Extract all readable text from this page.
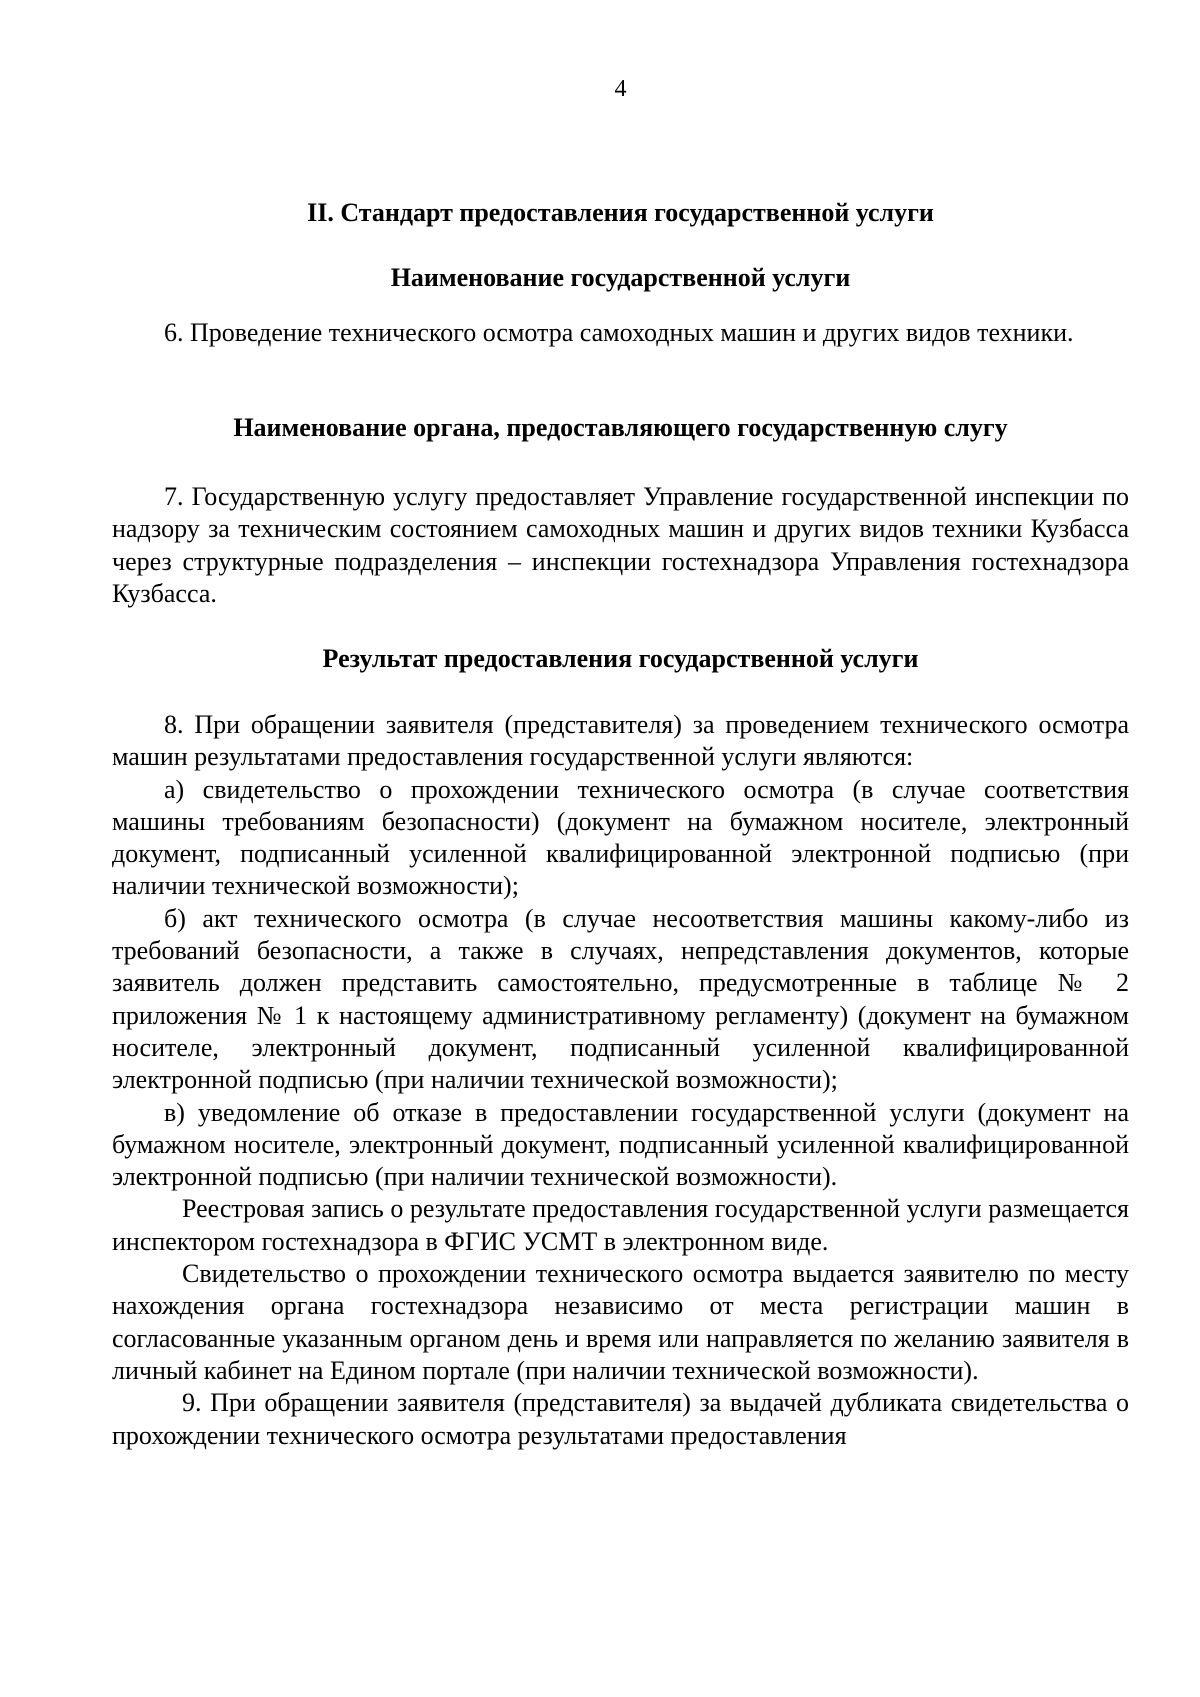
4
II. Стандарт предоставления государственной услуги
Наименование государственной услуги

6. Проведение технического осмотра самоходных машин и других видов техники.

Наименование органа, предоставляющего государственную слугу

7. Государственную услугу предоставляет Управление государственной инспекции по надзору за техническим состоянием самоходных машин и других видов техники Кузбасса через структурные подразделения – инспекции гостехнадзора Управления гостехнадзора Кузбасса.

Результат предоставления государственной услуги

8. При обращении заявителя (представителя) за проведением технического осмотра машин результатами предоставления государственной услуги являются:

а) свидетельство о прохождении технического осмотра (в случае соответствия машины требованиям безопасности) (документ на бумажном носителе, электронный документ, подписанный усиленной квалифицированной электронной подписью (при наличии технической возможности);

б) акт технического осмотра (в случае несоответствия машины какому-либо из требований безопасности, а также в случаях, непредставления документов, которые заявитель должен представить самостоятельно, предусмотренные в таблице № 2 приложения № 1 к настоящему административному регламенту) (документ на бумажном носителе, электронный документ, подписанный усиленной квалифицированной электронной подписью (при наличии технической возможности);

в) уведомление об отказе в предоставлении государственной услуги (документ на бумажном носителе, электронный документ, подписанный усиленной квалифицированной электронной подписью (при наличии технической возможности).

Реестровая запись о результате предоставления государственной услуги размещается инспектором гостехнадзора в ФГИС УСМТ в электронном виде.

Свидетельство о прохождении технического осмотра выдается заявителю по месту нахождения органа гостехнадзора независимо от места регистрации машин в согласованные указанным органом день и время или направляется по желанию заявителя в личный кабинет на Едином портале (при наличии технической возможности).

9. При обращении заявителя (представителя) за выдачей дубликата свидетельства о прохождении технического осмотра результатами предоставления
